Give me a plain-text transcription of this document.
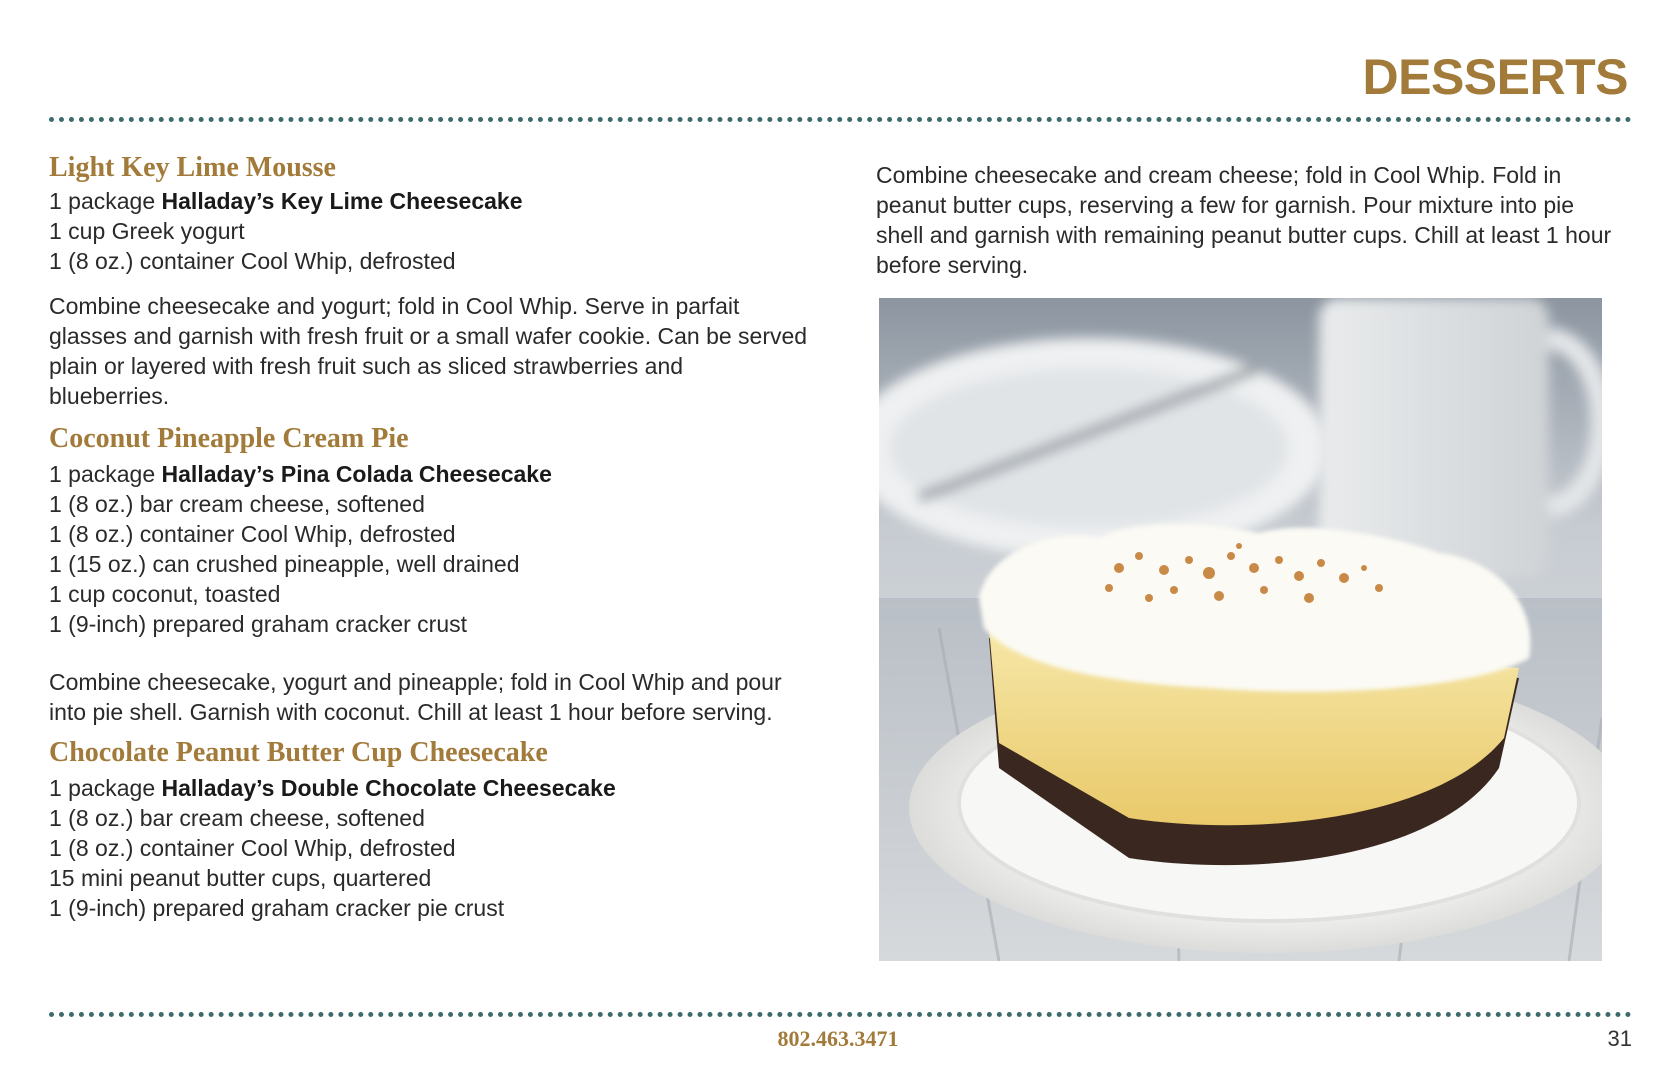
DESSERTS
Light Key Lime Mousse
1 package Halladay’s Key Lime Cheesecake
1 cup Greek yogurt
1 (8 oz.) container Cool Whip, defrosted

Combine cheesecake and yogurt; fold in Cool Whip. Serve in parfait glasses and garnish with fresh fruit or a small wafer cookie. Can be served plain or layered with fresh fruit such as sliced strawberries and blueberries.

Coconut Pineapple Cream Pie
1 package Halladay’s Pina Colada Cheesecake
1 (8 oz.) bar cream cheese, softened
1 (8 oz.) container Cool Whip, defrosted
1 (15 oz.) can crushed pineapple, well drained
1 cup coconut, toasted
1 (9-inch) prepared graham cracker crust

Combine cheesecake, yogurt and pineapple; fold in Cool Whip and pour into pie shell. Garnish with coconut. Chill at least 1 hour before serving.

Chocolate Peanut Butter Cup Cheesecake
1 package Halladay’s Double Chocolate Cheesecake
1 (8 oz.) bar cream cheese, softened
1 (8 oz.) container Cool Whip, defrosted
15 mini peanut butter cups, quartered
1 (9-inch) prepared graham cracker pie crust

Combine cheesecake and cream cheese; fold in Cool Whip. Fold in peanut butter cups, reserving a few for garnish. Pour mixture into pie shell and garnish with remaining peanut butter cups. Chill at least 1 hour before serving.

802.463.3471	31
